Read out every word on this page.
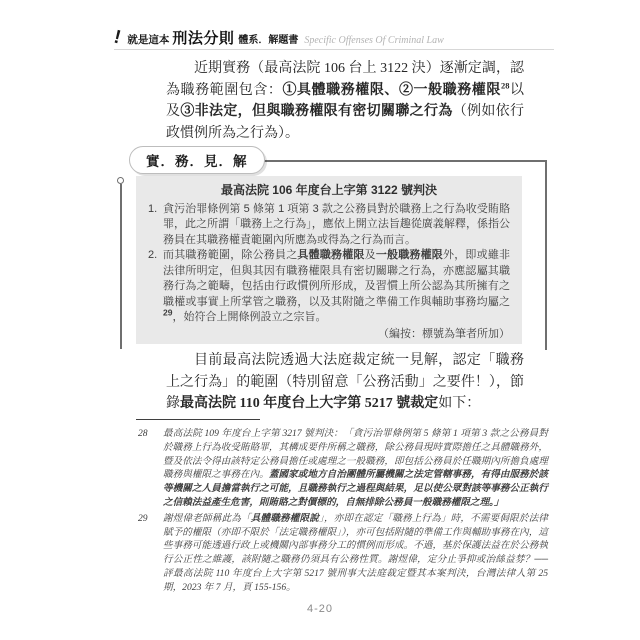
! 就是這本 刑法分則 體系．解題書 Specific Offenses Of Criminal Law
近期實務（最高法院 106 台上 3122 決）逐漸定調，認為職務範圍包含：①具體職務權限、②一般職務權限$^{28}$以及③非法定，但與職務權限有密切關聯之行為（例如依行政慣例所為之行為）。
實．務．見．解
最高法院 106 年度台上字第 3122 號判決
1. 貪污治罪條例第 5 條第 1 項第 3 款之公務員對於職務上之行為收受賄賂罪，此之所謂「職務上之行為」，應依上開立法旨趣從廣義解釋，係指公務員在其職務權責範圍內所應為或得為之行為而言。
2. 而其職務範圍，除公務員之具體職務權限及一般職務權限外，即或雖非法律所明定，但與其因有職務權限具有密切關聯之行為，亦應認屬其職務行為之範疇，包括由行政慣例所形成，及習慣上所公認為其所擁有之職權或事實上所掌管之職務，以及其附隨之準備工作與輔助事務均屬之$^{29}$，始符合上開條例設立之宗旨。
（編按：標號為筆者所加）
目前最高法院透過大法庭裁定統一見解，認定「職務上之行為」的範圍（特別留意「公務活動」之要件！），節錄最高法院 110 年度台上大字第 5217 號裁定如下：
28 最高法院 109 年度台上字第 3217 號判決：「貪污治罪條例第 5 條第 1 項第 3 款之公務員對於職務上行為收受賄賂罪，其構成要件所稱之職務，除公務員現時實際擔任之具體職務外，暨及依法令得由該特定公務員擔任或處理之一般職務，即包括公務員於任職期內所擔負處理職務與權限之事務在內。蓋國家或地方自治團體所屬機關之法定管轄事務，有得由服務於該等機關之人員擔當執行之可能，且職務執行之過程與結果，足以使公眾對該等事務公正執行之信賴法益產生危害，則賄賂之對價標的，自無排除公務員一般職務權限之理。」
29 謝煜偉老師稱此為「具體職務權限說」，亦即在認定「職務上行為」時，不需要侷限於法律賦予的權限（亦即不限於「法定職務權限」），亦可包括附隨的準備工作與輔助事務在內，這些事務可能透過行政上或機關內部事務分工的慣例而形成。不過，基於保護法益在於公務執行公正性之維護，該附隨之職務仍須具有公務性質。謝煜偉，定分止爭抑或治絲益棼？──評最高法院 110 年度台上大字第 5217 號刑事大法庭裁定暨其本案判決，台灣法律人第 25 期，2023 年 7 月，頁 155-156。
4-20
